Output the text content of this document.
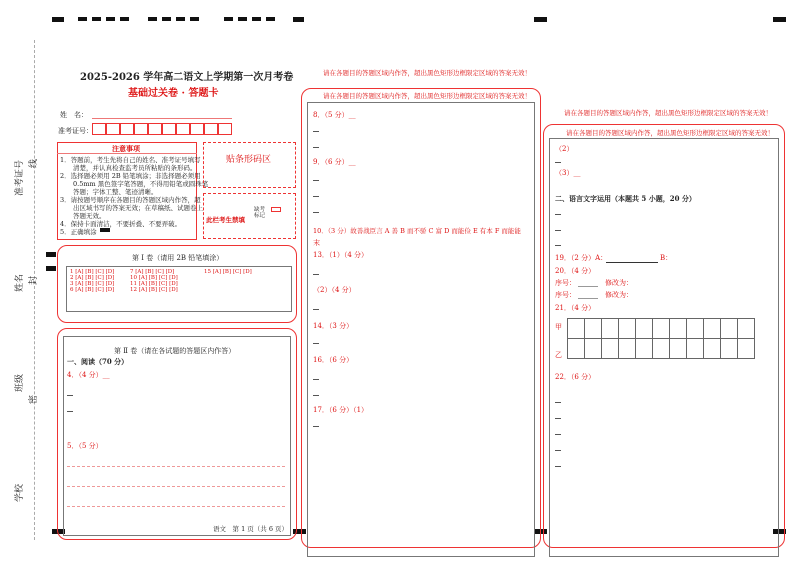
准考证号 线
姓名 封
班级
密
学校
2025-2026 学年高二语文上学期第一次月考卷
基础过关卷 · 答题卡
姓　名：
准考证号：
注意事项
1．答题前，考生先将自己的姓名、准考证号填写
　　清楚，并认真检查监考员所粘贴的条形码。
2．选择题必须用 2B 铅笔填涂；非选择题必须用
　　0.5mm 黑色签字笔答题，不得用铅笔或圆珠笔
　　答题；字体工整、笔迹清晰。
3．请按题号顺序在各题目的答题区域内作答，超
　　出区域书写的答案无效；在草稿纸、试题卷上
　　答题无效。
4．保持卡面清洁，不要折叠、不要弄破。
5．正确填涂
贴条形码区
此栏考生禁填
缺考
标记
第 Ⅰ 卷（请用 2B 铅笔填涂）
1 [A] [B] [C] [D]
2 [A] [B] [C] [D]
3 [A] [B] [C] [D]
6 [A] [B] [C] [D]
7 [A] [B] [C] [D]
10 [A] [B] [C] [D]
11 [A] [B] [C] [D]
12 [A] [B] [C] [D]
15 [A] [B] [C] [D]
第 Ⅱ 卷（请在各试题的答题区内作答）
一、阅读（70 分）
4．（4 分）__
5．（5 分）
语文　第 1 页（共 6 页）
请在各题目的答题区域内作答，超出黑色矩形边框限定区域的答案无效！
请在各题目的答题区域内作答，超出黑色矩形边框限定区域的答案无效！
8．（5 分）__
9．（6 分）__
10．（3 分）故善战臣言 A 善 B 而不骄 C 富 D 而能俭 E 有本 F 而能能
末
13．（1）（4 分）
（2）（4 分）
14．（3 分）
16．（6 分）
17．（6 分）（1）
请在各题目的答题区域内作答，超出黑色矩形边框限定区域的答案无效！
请在各题目的答题区域内作答，超出黑色矩形边框限定区域的答案无效！
（2）
（3）__
二、语言文字运用（本题共 5 小题，20 分）
19．（2 分）A：	B：
20．（4 分）
序号：	修改为：
序号：	修改为：
21．（4 分）
甲
乙

22．（6 分）
